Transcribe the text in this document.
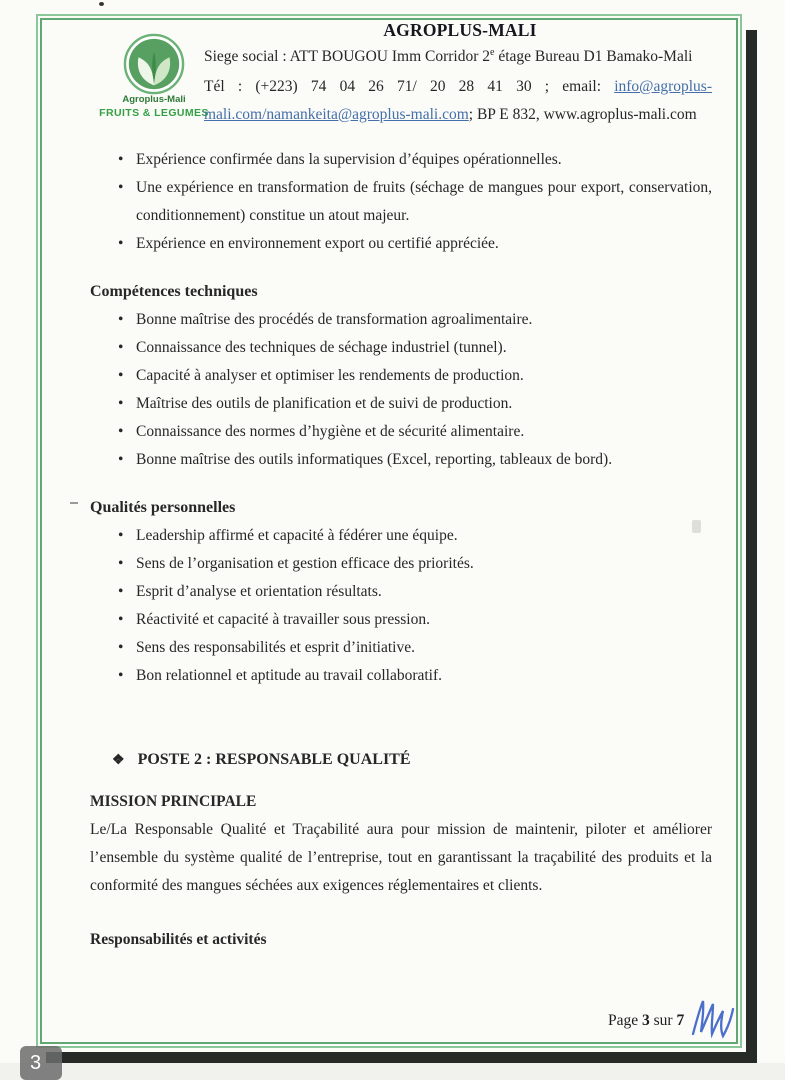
AGROPLUS-MALI
Agroplus-Mali
FRUITS & LEGUMES
Siege social : ATT BOUGOU Imm Corridor 2e étage Bureau D1 Bamako-Mali
Tél : (+223) 74 04 26 71/ 20 28 41 30 ; email: info@agroplus-
mali.com/namankeita@agroplus-mali.com; BP E 832, www.agroplus-mali.com
• Expérience confirmée dans la supervision d’équipes opérationnelles.
• Une expérience en transformation de fruits (séchage de mangues pour export, conservation, conditionnement) constitue un atout majeur.
• Expérience en environnement export ou certifié appréciée.
Compétences techniques
• Bonne maîtrise des procédés de transformation agroalimentaire.
• Connaissance des techniques de séchage industriel (tunnel).
• Capacité à analyser et optimiser les rendements de production.
• Maîtrise des outils de planification et de suivi de production.
• Connaissance des normes d’hygiène et de sécurité alimentaire.
• Bonne maîtrise des outils informatiques (Excel, reporting, tableaux de bord).
Qualités personnelles
• Leadership affirmé et capacité à fédérer une équipe.
• Sens de l’organisation et gestion efficace des priorités.
• Esprit d’analyse et orientation résultats.
• Réactivité et capacité à travailler sous pression.
• Sens des responsabilités et esprit d’initiative.
• Bon relationnel et aptitude au travail collaboratif.
❖ POSTE 2 : RESPONSABLE QUALITÉ
MISSION PRINCIPALE

Le/La Responsable Qualité et Traçabilité aura pour mission de maintenir, piloter et améliorer l’ensemble du système qualité de l’entreprise, tout en garantissant la traçabilité des produits et la conformité des mangues séchées aux exigences réglementaires et clients.

Responsabilités et activités
Page 3 sur 7
3
